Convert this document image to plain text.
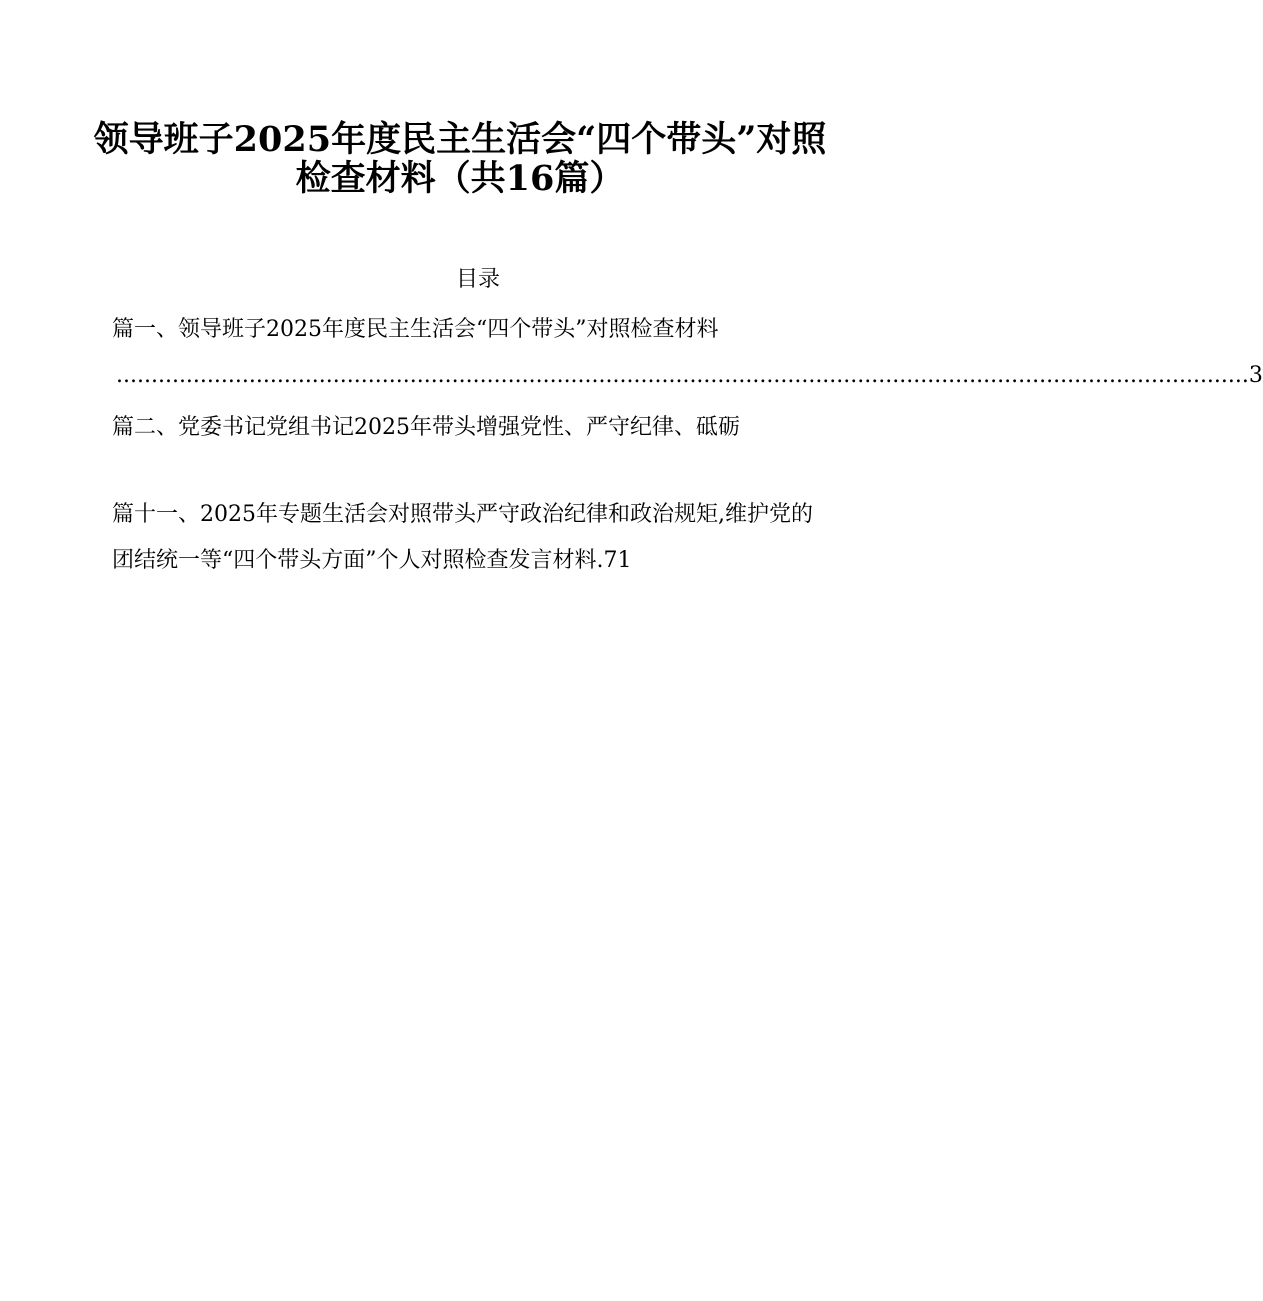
领导班子2025年度民主生活会“四个带头”对照
检查材料（共16篇）
目录
篇一、领导班子2025年度民主生活会“四个带头”对照检查材料
.................................................................................................................................................................. 3
篇二、党委书记党组书记2025年带头增强党性、严守纪律、砥砺
篇十一、2025年专题生活会对照带头严守政治纪律和政治规矩,维护党的
团结统一等“四个带头方面”个人对照检查发言材料.71
